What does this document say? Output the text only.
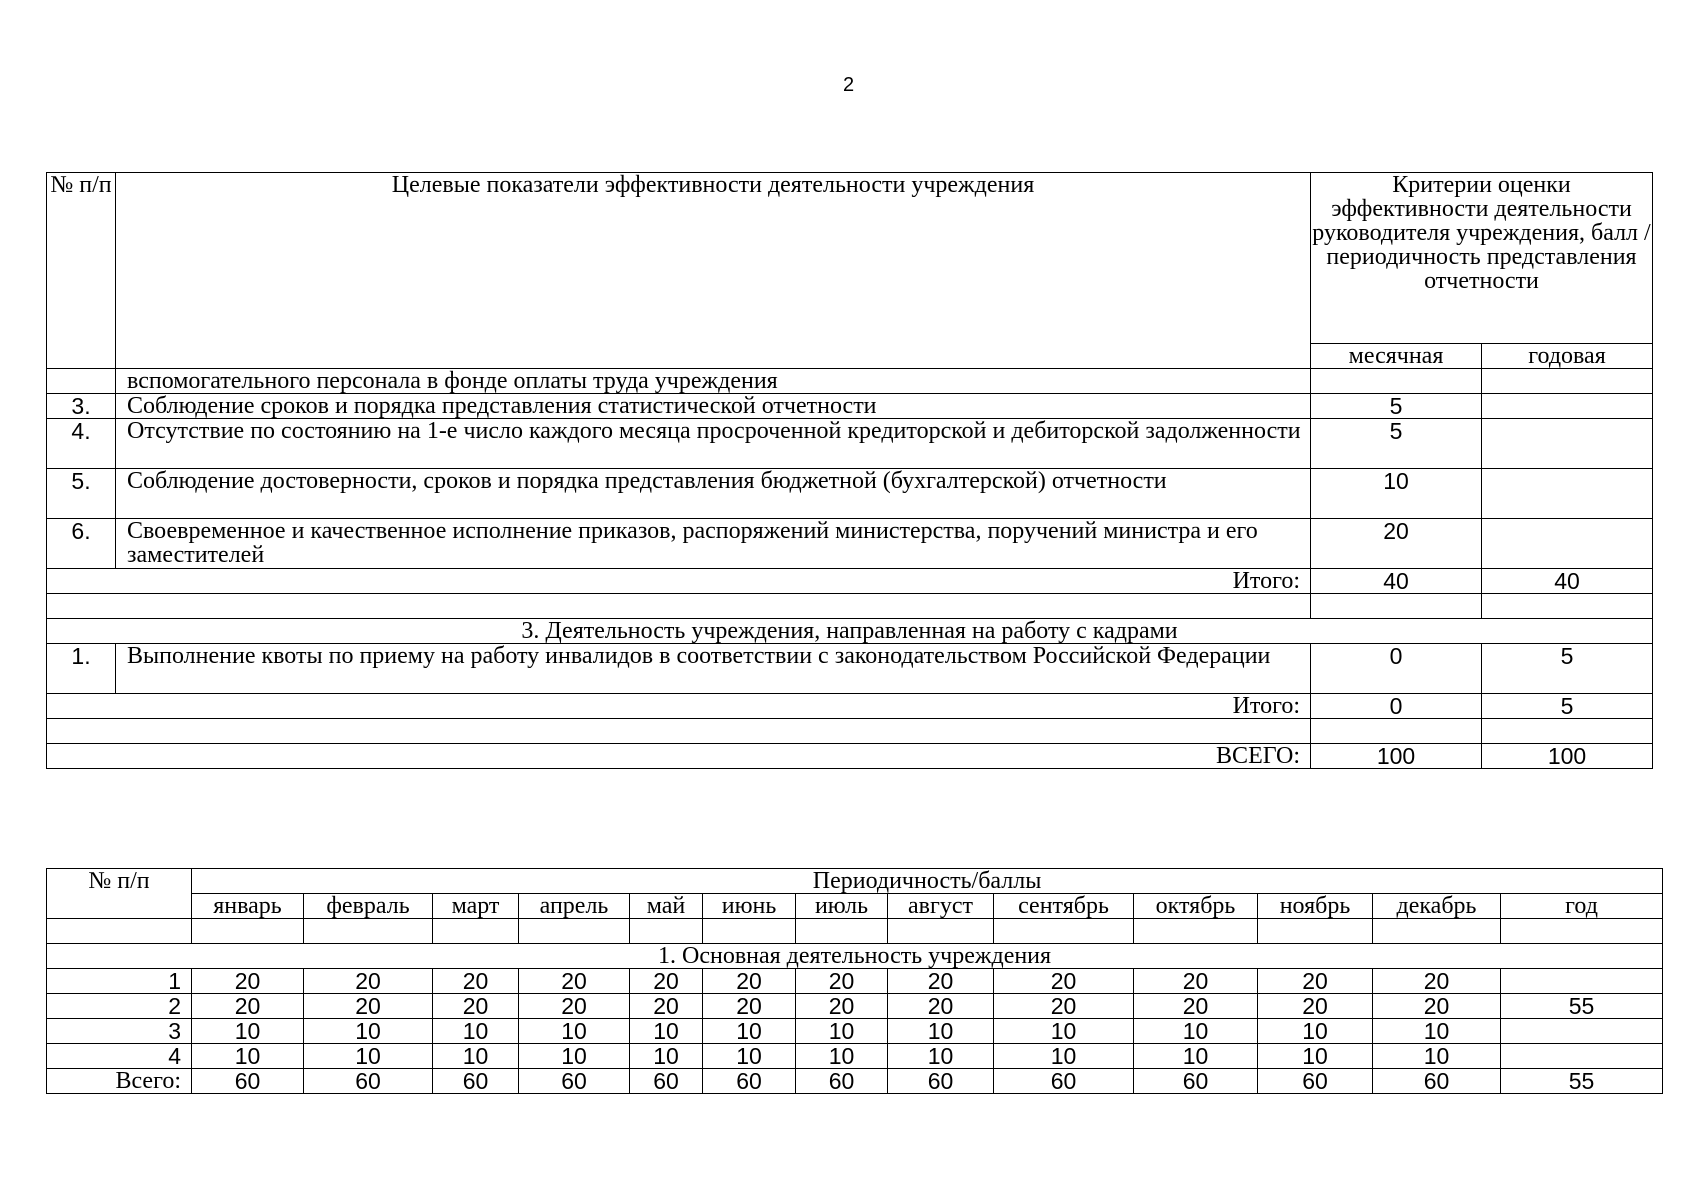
2
№ п/п	Целевые показатели эффективности деятельности учреждения	Критерии оценки эффективности деятельности руководителя учреждения, балл / периодичность представления отчетности	
		месячная	годовая
	вспомогательного персонала в фонде оплаты труда учреждения		
3.	Соблюдение сроков и порядка представления статистической отчетности	5	
4.	Отсутствие по состоянию на 1-е число каждого месяца просроченной кредиторской и дебиторской задолженности	5	
5.	Соблюдение достоверности, сроков и порядка представления бюджетной (бухгалтерской) отчетности	10	
6.	Своевременное и качественное исполнение приказов, распоряжений министерства, поручений министра и его заместителей	20	
Итого:		40	40

3. Деятельность учреждения, направленная на работу с кадрами			
1.	Выполнение квоты по приему на работу инвалидов в соответствии с законодательством Российской Федерации	0	5
Итого:		0	5

ВСЕГО:		100	100
№ п/п	Периодичность/баллы												
	январь	февраль	март	апрель	май	июнь	июль	август	сентябрь	октябрь	ноябрь	декабрь	год

1. Основная деятельность учреждения													
1	20	20	20	20	20	20	20	20	20	20	20	20	
2	20	20	20	20	20	20	20	20	20	20	20	20	55
3	10	10	10	10	10	10	10	10	10	10	10	10	
4	10	10	10	10	10	10	10	10	10	10	10	10	
Всего:	60	60	60	60	60	60	60	60	60	60	60	60	55
